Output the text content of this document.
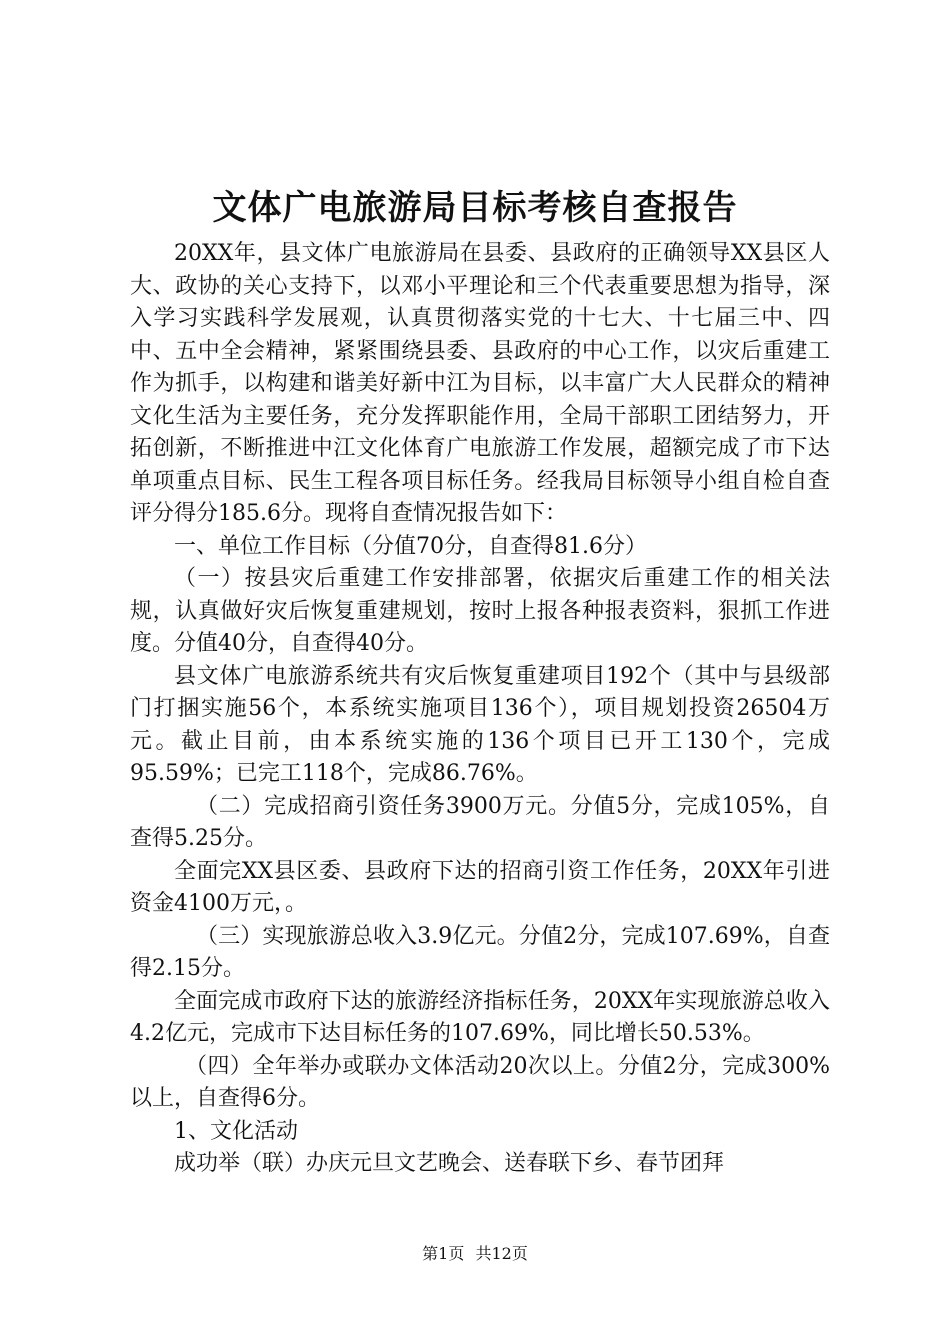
文体广电旅游局目标考核自查报告

20XX年，县文体广电旅游局在县委、县政府的正确领导XX县区人大、政协的关心支持下，以邓小平理论和三个代表重要思想为指导，深入学习实践科学发展观，认真贯彻落实党的十七大、十七届三中、四中、五中全会精神，紧紧围绕县委、县政府的中心工作，以灾后重建工作为抓手，以构建和谐美好新中江为目标，以丰富广大人民群众的精神文化生活为主要任务，充分发挥职能作用，全局干部职工团结努力，开拓创新，不断推进中江文化体育广电旅游工作发展，超额完成了市下达单项重点目标、民生工程各项目标任务。经我局目标领导小组自检自查评分得分185.6分。现将自查情况报告如下：

一、单位工作目标（分值70分，自查得81.6分）

（一）按县灾后重建工作安排部署，依据灾后重建工作的相关法规，认真做好灾后恢复重建规划，按时上报各种报表资料，狠抓工作进度。分值40分，自查得40分。

县文体广电旅游系统共有灾后恢复重建项目192个（其中与县级部门打捆实施56个，本系统实施项目136个），项目规划投资26504万元。截止目前，由本系统实施的136个项目已开工130个，完成95.59%；已完工118个，完成86.76%。

（二）完成招商引资任务3900万元。分值5分，完成105%，自查得5.25分。

全面完XX县区委、县政府下达的招商引资工作任务，20XX年引进资金4100万元，。

（三）实现旅游总收入3.9亿元。分值2分，完成107.69%，自查得2.15分。

全面完成市政府下达的旅游经济指标任务，20XX年实现旅游总收入4.2亿元，完成市下达目标任务的107.69%，同比增长50.53%。

（四）全年举办或联办文体活动20次以上。分值2分，完成300%以上，自查得6分。

1、文化活动

成功举（联）办庆元旦文艺晚会、送春联下乡、春节团拜

第1页 共12页
